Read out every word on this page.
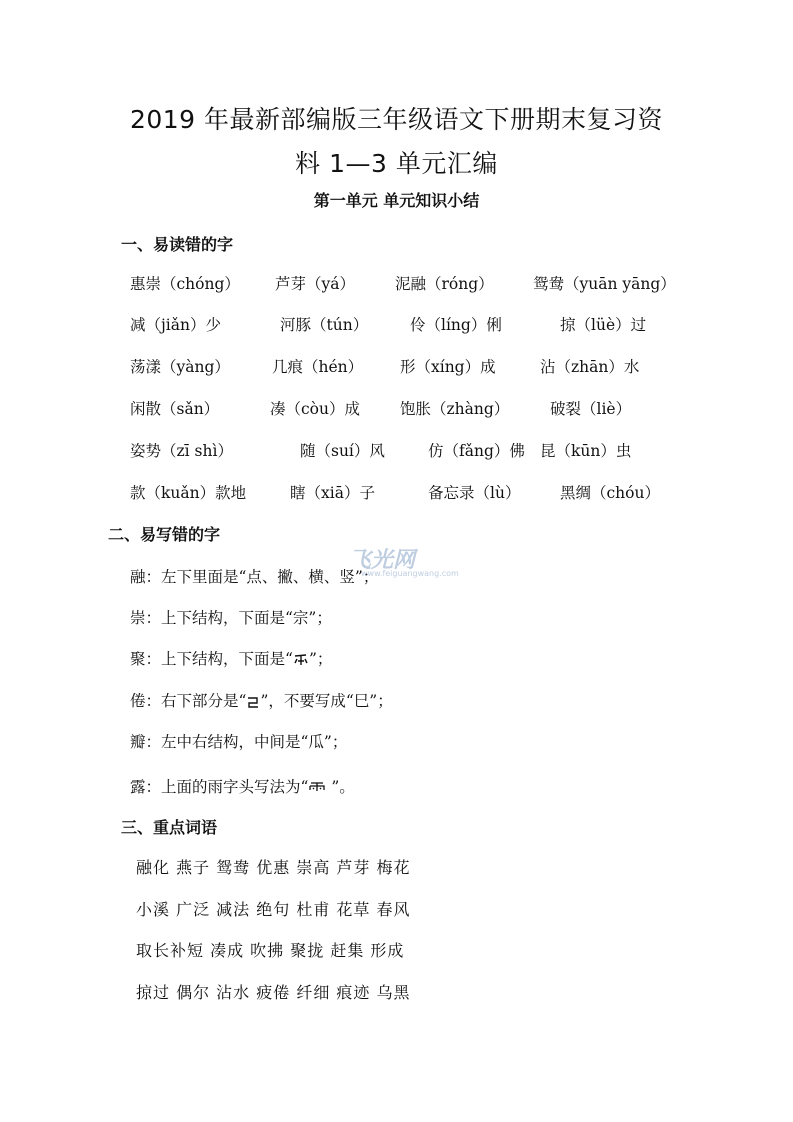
2019 年最新部编版三年级语文下册期末复习资
料 1—3 单元汇编
第一单元 单元知识小结
一、易读错的字
惠崇（chóng） 芦芽（yá）	泥融（róng）	鸳鸯（yuān yāng）
减（jiǎn）少	河豚（tún）	伶（líng）俐	掠（lüè）过
荡漾（yàng）	几痕（hén） 形（xíng）成	沾（zhān）水
闲散（sǎn）	凑（còu）成	饱胀（zhàng）	破裂（liè）
姿势（zī shì）	随（suí）风	仿（fǎng）佛 昆（kūn）虫
款（kuǎn）款地	瞎（xiā）子	备忘录（lù）	黑绸（chóu）
二、易写错的字
融：左下里面是“点、撇、横、竖”；
崇：上下结构，下面是“宗”；
聚：上下结构，下面是“ ”；
倦：右下部分是“ ”，不要写成“巳”；
瓣：左中右结构，中间是“瓜”；
露：上面的雨字头写法为“ ”。
三、重点词语
融化 燕子 鸳鸯 优惠 崇高 芦芽 梅花
小溪 广泛 减法 绝句 杜甫 花草 春风
取长补短 凑成 吹拂 聚拢 赶集 形成
掠过 偶尔 沾水 疲倦 纤细 痕迹 乌黑
飞光网
www.feiguangwang.com
